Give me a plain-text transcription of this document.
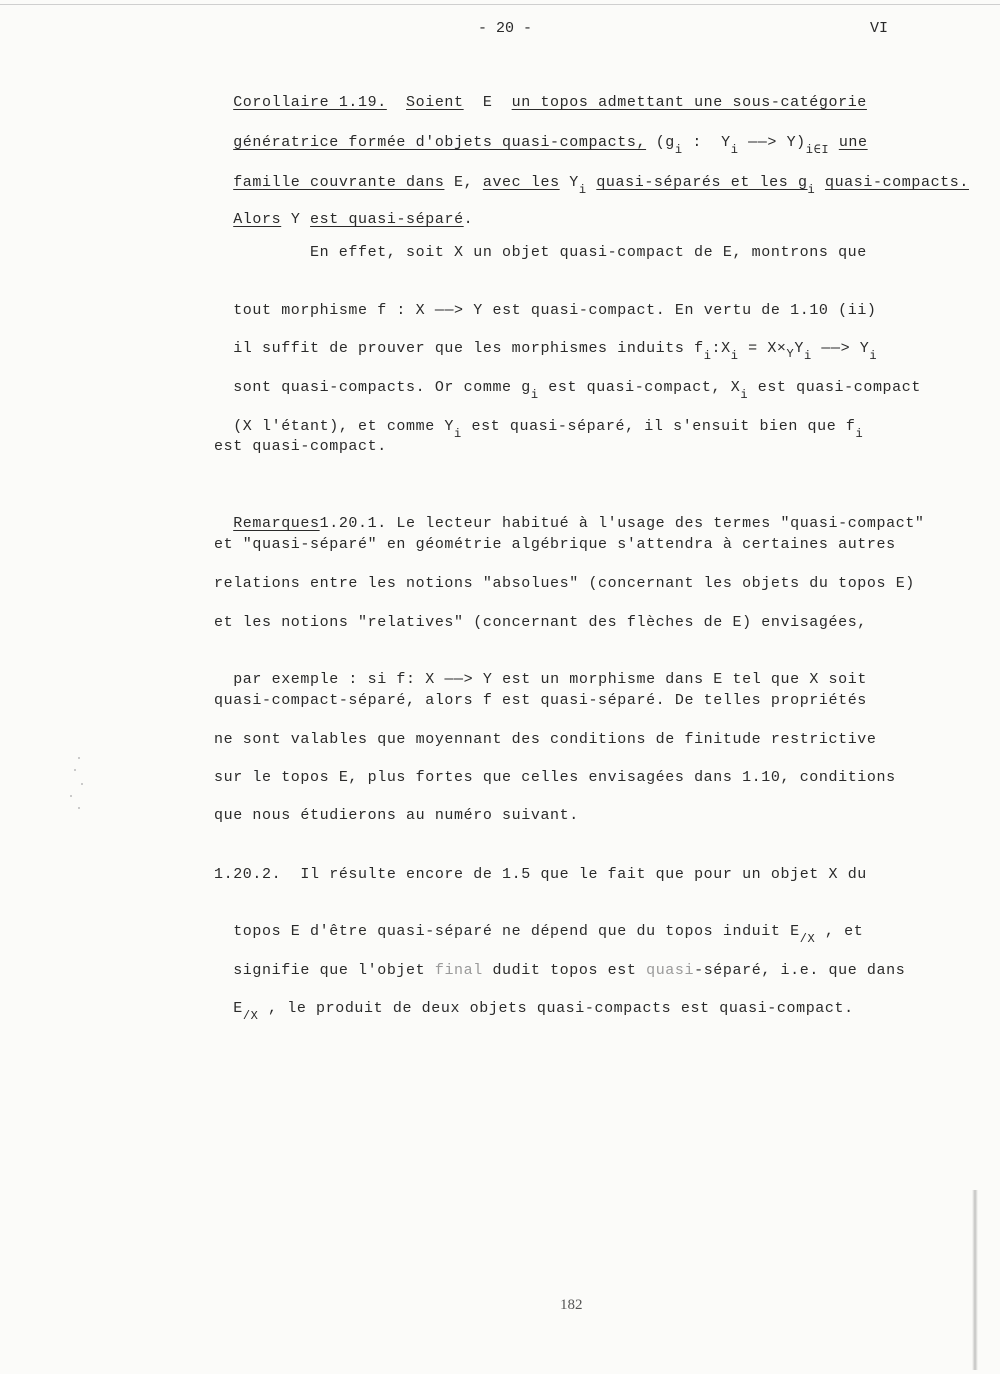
- 20 -	VI

Corollaire 1.19. Soient E un topos admettant une sous-catégorie

génératrice formée d'objets quasi-compacts, ($g_i$ :  $Y_i$ ——> $Y)_{i\in I}$ une

famille couvrante dans E, avec les $Y_i$ quasi-séparés et les $g_i$ quasi-compacts.

Alors Y est quasi-séparé.

En effet, soit X un objet quasi-compact de E, montrons que

tout morphisme f : X ——> Y est quasi-compact. En vertu de 1.10 (ii)

il suffit de prouver que les morphismes induits $f_i:X_i = X\times_YY_i$ ——> $Y_i$

sont quasi-compacts. Or comme $g_i$ est quasi-compact, $X_i$ est quasi-compact

(X l'étant), et comme $Y_i$ est quasi-séparé, il s'ensuit bien que $f_i$

est quasi-compact.

Remarques1.20.1. Le lecteur habitué à l'usage des termes "quasi-compact"

et "quasi-séparé" en géométrie algébrique s'attendra à certaines autres
relations entre les notions "absolues" (concernant les objets du topos E)
et les notions "relatives" (concernant des flèches de E) envisagées,

par exemple : si f: X ——> Y est un morphisme dans E tel que X soit

quasi-compact-séparé, alors f est quasi-séparé. De telles propriétés
ne sont valables que moyennant des conditions de finitude restrictive
sur le topos E, plus fortes que celles envisagées dans 1.10, conditions
que nous étudierons au numéro suivant.
1.20.2.  Il résulte encore de 1.5 que le fait que pour un objet X du

topos E d'être quasi-séparé ne dépend que du topos induit $E_{/X}$ , et

signifie que l'objet final dudit topos est quasi-séparé, i.e. que dans

$E_{/X}$ , le produit de deux objets quasi-compacts est quasi-compact.

182
